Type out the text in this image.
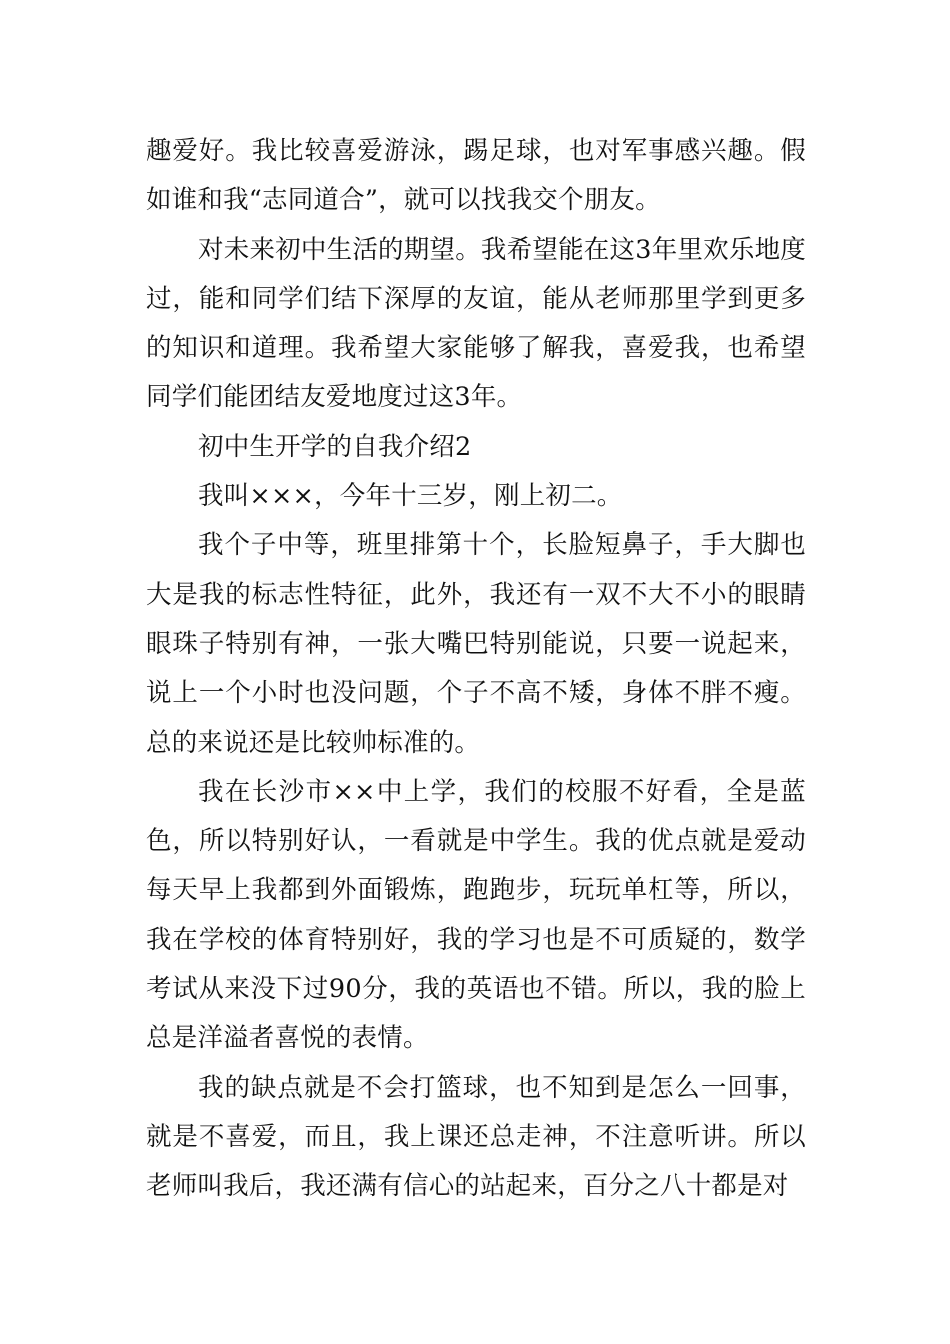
趣爱好。我比较喜爱游泳，踢足球，也对军事感兴趣。假如谁和我“志同道合”，就可以找我交个朋友。

对未来初中生活的期望。我希望能在这3年里欢乐地度过，能和同学们结下深厚的友谊，能从老师那里学到更多的知识和道理。我希望大家能够了解我，喜爱我，也希望同学们能团结友爱地度过这3年。

初中生开学的自我介绍2

我叫×××，今年十三岁，刚上初二。

我个子中等，班里排第十个，长脸短鼻子，手大脚也大是我的标志性特征，此外，我还有一双不大不小的眼睛眼珠子特别有神，一张大嘴巴特别能说，只要一说起来，说上一个小时也没问题，个子不高不矮，身体不胖不瘦。总的来说还是比较帅标准的。

我在长沙市××中上学，我们的校服不好看，全是蓝色，所以特别好认，一看就是中学生。我的优点就是爱动每天早上我都到外面锻炼，跑跑步，玩玩单杠等，所以，我在学校的体育特别好，我的学习也是不可质疑的，数学考试从来没下过90分，我的英语也不错。所以，我的脸上总是洋溢者喜悦的表情。

我的缺点就是不会打篮球，也不知到是怎么一回事，就是不喜爱，而且，我上课还总走神，不注意听讲。所以老师叫我后，我还满有信心的站起来，百分之八十都是对
